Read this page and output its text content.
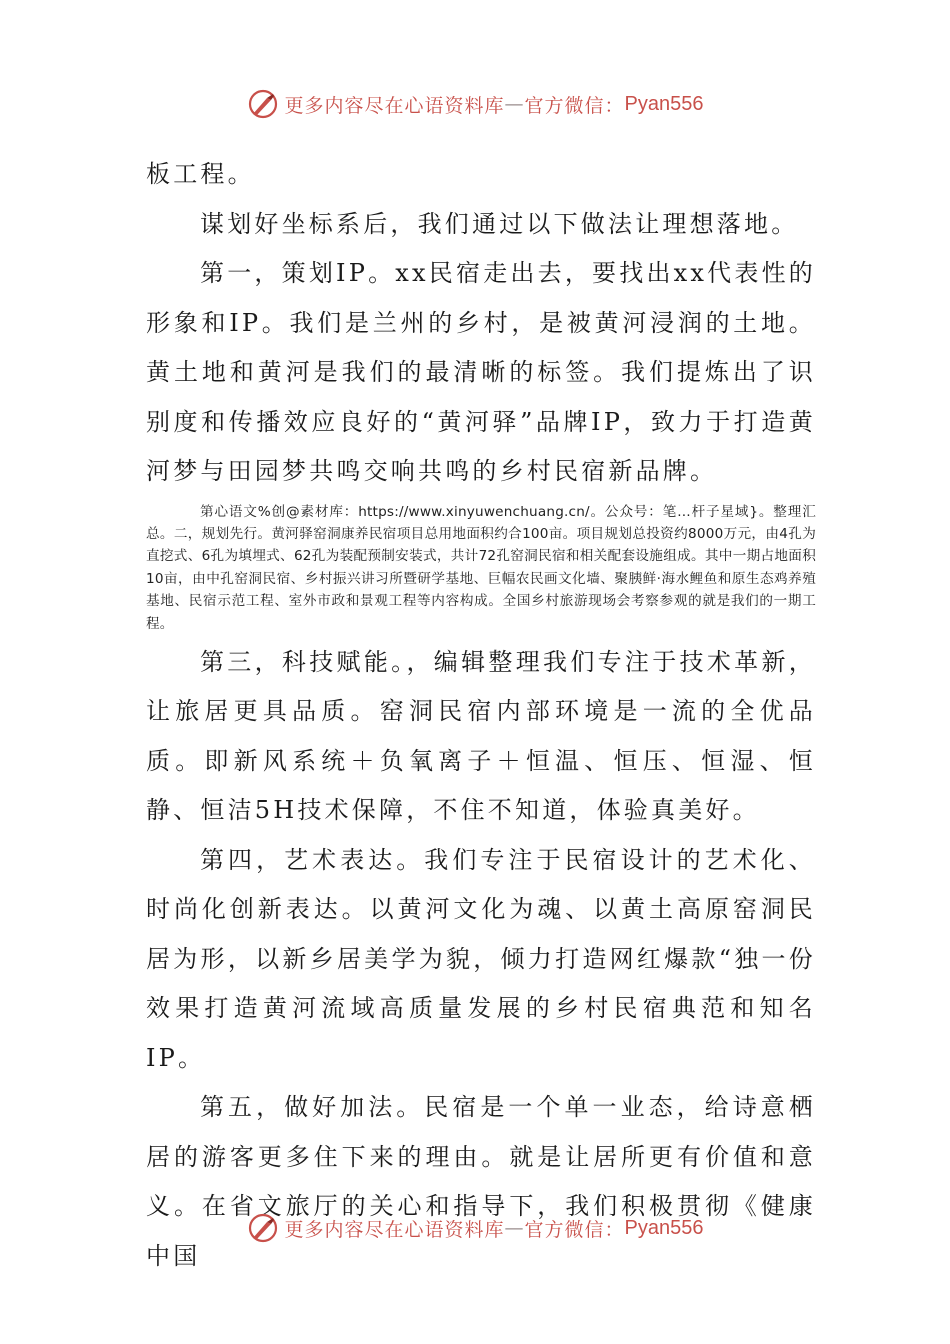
更多内容尽在心语资料库 — 官方微信： Pyan556

板工程。

谋划好坐标系后，我们通过以下做法让理想落地。

第一，策划IP。xx民宿走出去，要找出xx代表性的形象和IP。我们是兰州的乡村，是被黄河浸润的土地。黄土地和黄河是我们的最清晰的标签。我们提炼出了识别度和传播效应良好的“黄河驿”品牌IP，致力于打造黄河梦与田园梦共鸣交响共鸣的乡村民宿新品牌。

第心语文%创@素材库：https://www.xinyuwenchuang.cn/。公众号：笔…杆子星域}。整理汇总。二，规划先行。黄河驿窑洞康养民宿项目总用地面积约合100亩。项目规划总投资约8000万元，由4孔为直挖式、6孔为填埋式、62孔为装配预制安装式，共计72孔窑洞民宿和相关配套设施组成。其中一期占地面积10亩，由中孔窑洞民宿、乡村振兴讲习所暨研学基地、巨幅农民画文化墙、聚胰鲜·海水鲤鱼和原生态鸡养殖基地、民宿示范工程、室外市政和景观工程等内容构成。全国乡村旅游现场会考察参观的就是我们的一期工程。

第三，科技赋能。，编辑整理我们专注于技术革新，让旅居更具品质。窑洞民宿内部环境是一流的全优品质。即新风系统＋负氧离子＋恒温、恒压、恒湿、恒静、恒洁5H技术保障，不住不知道，体验真美好。

第四，艺术表达。我们专注于民宿设计的艺术化、时尚化创新表达。以黄河文化为魂、以黄土高原窑洞民居为形，以新乡居美学为貌，倾力打造网红爆款“独一份效果打造黄河流域高质量发展的乡村民宿典范和知名IP。

第五，做好加法。民宿是一个单一业态，给诗意栖居的游客更多住下来的理由。就是让居所更有价值和意义。在省文旅厅的关心和指导下，我们积极贯彻《健康中国

更多内容尽在心语资料库 — 官方微信： Pyan556
